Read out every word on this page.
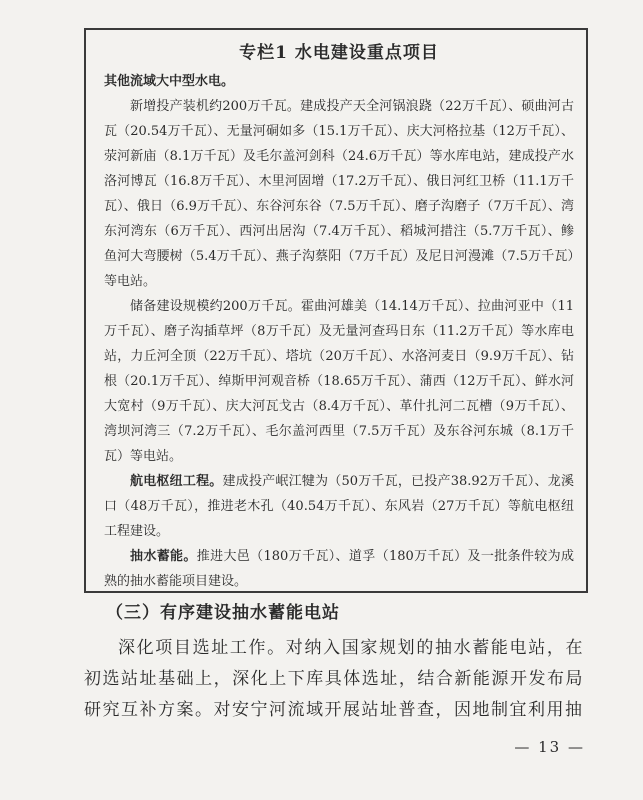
专栏1 水电建设重点项目

其他流域大中型水电。

新增投产装机约200万千瓦。建成投产天全河锅浪跷（22万千瓦）、硕曲河古瓦（20.54万千瓦）、无量河硐如多（15.1万千瓦）、庆大河格拉基（12万千瓦）、荥河新庙（8.1万千瓦）及毛尔盖河剑科（24.6万千瓦）等水库电站，建成投产水洛河博瓦（16.8万千瓦）、木里河固增（17.2万千瓦）、俄日河红卫桥（11.1万千瓦）、俄日（6.9万千瓦）、东谷河东谷（7.5万千瓦）、磨子沟磨子（7万千瓦）、湾东河湾东（6万千瓦）、西河出居沟（7.4万千瓦）、稻城河措注（5.7万千瓦）、鲹鱼河大弯腰树（5.4万千瓦）、燕子沟蔡阳（7万千瓦）及尼日河漫滩（7.5万千瓦）等电站。

储备建设规模约200万千瓦。霍曲河雄美（14.14万千瓦）、拉曲河亚中（11万千瓦）、磨子沟插草坪（8万千瓦）及无量河查玛日东（11.2万千瓦）等水库电站，力丘河全顶（22万千瓦）、塔坑（20万千瓦）、水洛河麦日（9.9万千瓦）、钻根（20.1万千瓦）、绰斯甲河观音桥（18.65万千瓦）、蒲西（12万千瓦）、鲜水河大宽村（9万千瓦）、庆大河瓦戈古（8.4万千瓦）、革什扎河二瓦槽（9万千瓦）、湾坝河湾三（7.2万千瓦）、毛尔盖河西里（7.5万千瓦）及东谷河东城（8.1万千瓦）等电站。

航电枢纽工程。建成投产岷江犍为（50万千瓦，已投产38.92万千瓦）、龙溪口（48万千瓦），推进老木孔（40.54万千瓦）、东风岩（27万千瓦）等航电枢纽工程建设。

抽水蓄能。推进大邑（180万千瓦）、道孚（180万千瓦）及一批条件较为成熟的抽水蓄能项目建设。

（三）有序建设抽水蓄能电站

深化项目选址工作。对纳入国家规划的抽水蓄能电站，在初选站址基础上，深化上下库具体选址，结合新能源开发布局研究互补方案。对安宁河流域开展站址普查，因地制宜利用抽

— 13 —
